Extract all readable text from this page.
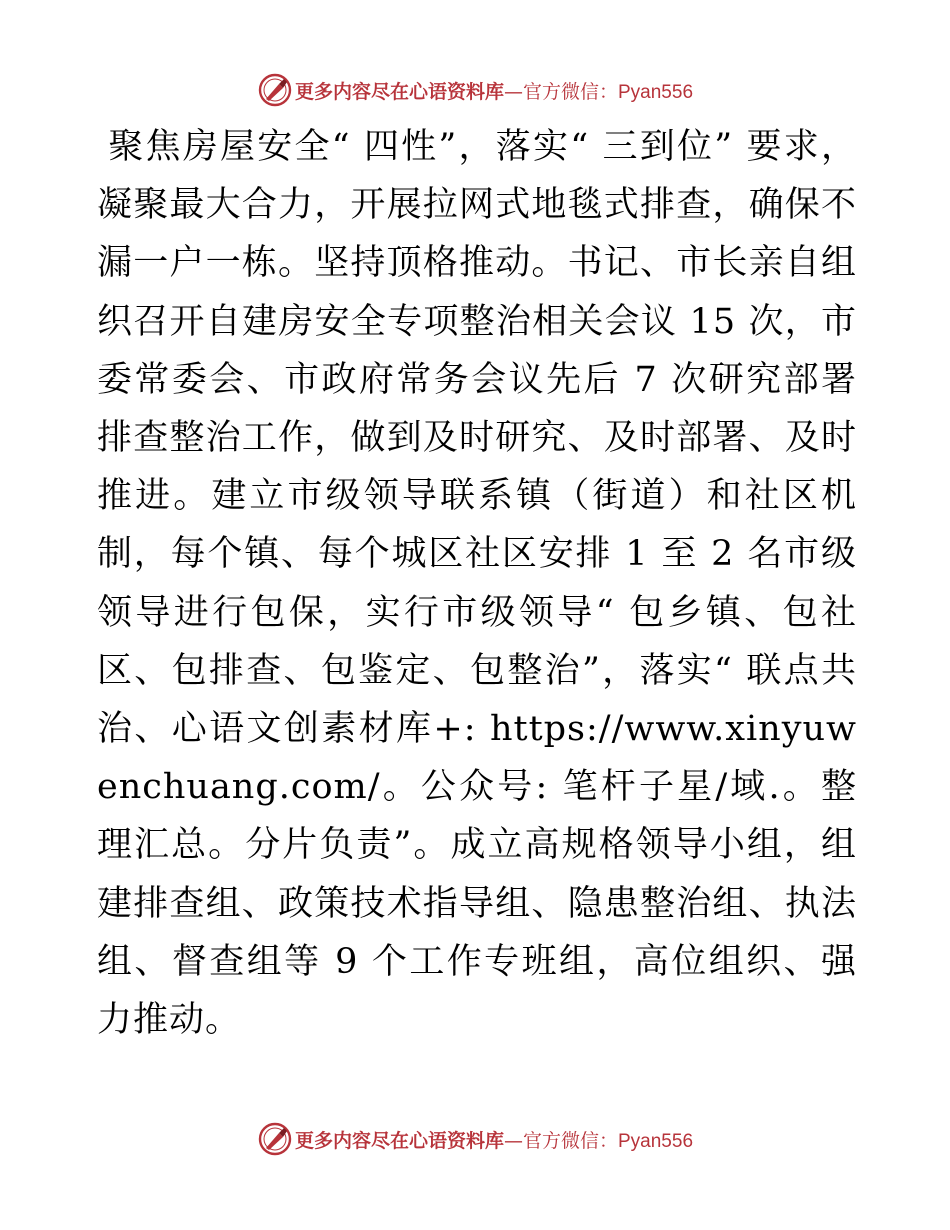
更多内容尽在心语资料库—官方微信：Pyan556

聚焦房屋安全“ 四性”，落实“ 三到位” 要求，凝聚最大合力，开展拉网式地毯式排查，确保不漏一户一栋。坚持顶格推动。书记、市长亲自组织召开自建房安全专项整治相关会议 15 次，市委常委会、市政府常务会议先后 7 次研究部署排查整治工作，做到及时研究、及时部署、及时推进。建立市级领导联系镇（街道）和社区机制，每个镇、每个城区社区安排 1 至 2 名市级领导进行包保，实行市级领导“ 包乡镇、包社区、包排查、包鉴定、包整治”，落实“ 联点共治、心语文创素材库+: https://www.xinyuwenchuang.com/。公众号: 笔杆子星/域.。整理汇总。分片负责”。成立高规格领导小组，组建排查组、政策技术指导组、隐患整治组、执法组、督查组等 9 个工作专班组，高位组织、强力推动。

更多内容尽在心语资料库—官方微信：Pyan556
